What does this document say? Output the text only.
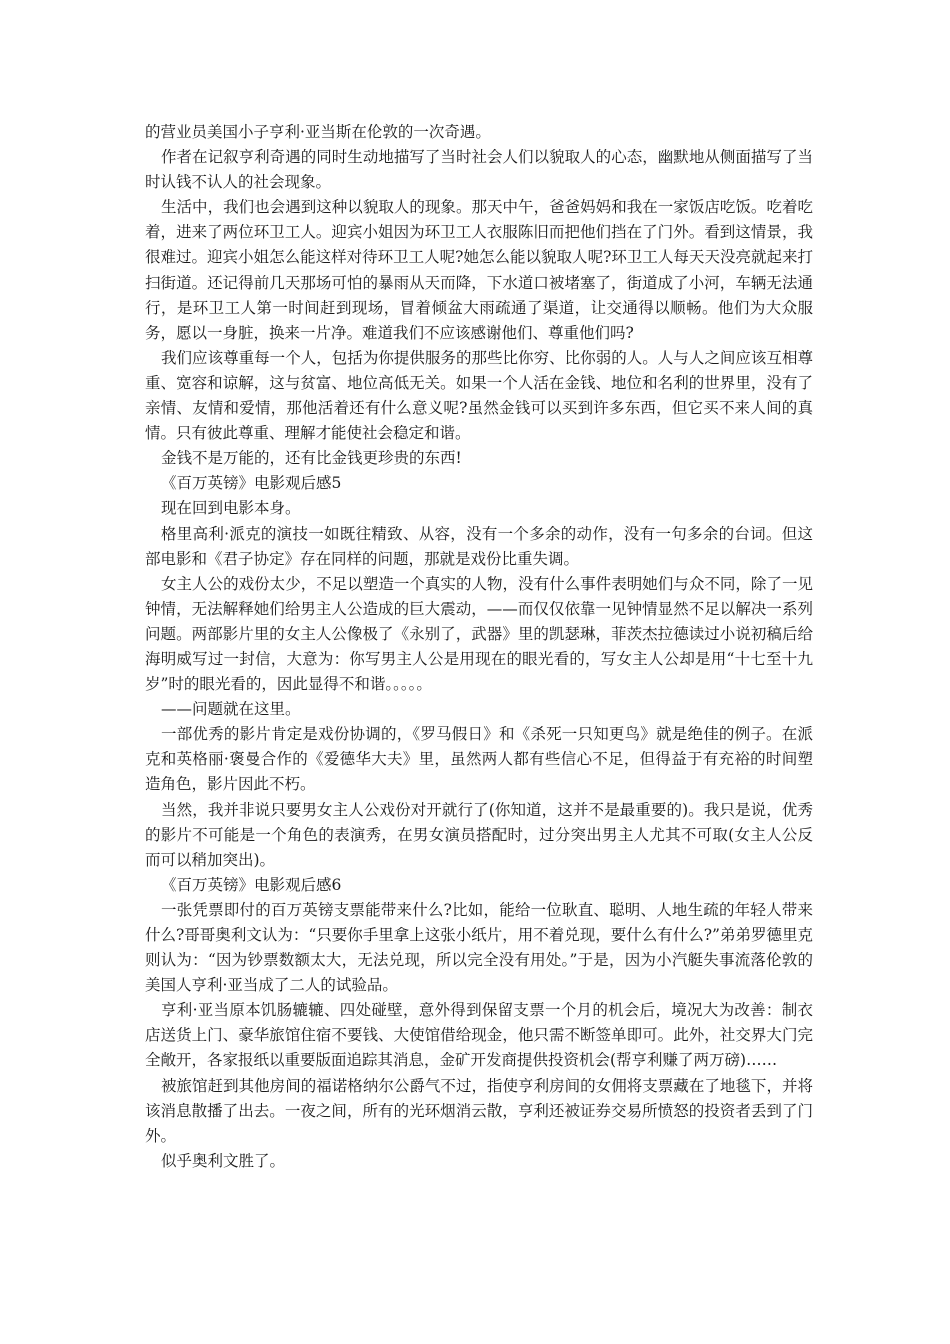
的营业员美国小子亨利·亚当斯在伦敦的一次奇遇。

作者在记叙亨利奇遇的同时生动地描写了当时社会人们以貌取人的心态，幽默地从侧面描写了当时认钱不认人的社会现象。

生活中，我们也会遇到这种以貌取人的现象。那天中午，爸爸妈妈和我在一家饭店吃饭。吃着吃着，进来了两位环卫工人。迎宾小姐因为环卫工人衣服陈旧而把他们挡在了门外。看到这情景，我很难过。迎宾小姐怎么能这样对待环卫工人呢?她怎么能以貌取人呢?环卫工人每天天没亮就起来打扫街道。还记得前几天那场可怕的暴雨从天而降，下水道口被堵塞了，街道成了小河，车辆无法通行，是环卫工人第一时间赶到现场，冒着倾盆大雨疏通了渠道，让交通得以顺畅。他们为大众服务，愿以一身脏，换来一片净。难道我们不应该感谢他们、尊重他们吗?

我们应该尊重每一个人，包括为你提供服务的那些比你穷、比你弱的人。人与人之间应该互相尊重、宽容和谅解，这与贫富、地位高低无关。如果一个人活在金钱、地位和名利的世界里，没有了亲情、友情和爱情，那他活着还有什么意义呢?虽然金钱可以买到许多东西，但它买不来人间的真情。只有彼此尊重、理解才能使社会稳定和谐。

金钱不是万能的，还有比金钱更珍贵的东西!

《百万英镑》电影观后感5

现在回到电影本身。

格里高利·派克的演技一如既往精致、从容，没有一个多余的动作，没有一句多余的台词。但这部电影和《君子协定》存在同样的问题，那就是戏份比重失调。

女主人公的戏份太少，不足以塑造一个真实的人物，没有什么事件表明她们与众不同，除了一见钟情，无法解释她们给男主人公造成的巨大震动，——而仅仅依靠一见钟情显然不足以解决一系列问题。两部影片里的女主人公像极了《永别了，武器》里的凯瑟琳，菲茨杰拉德读过小说初稿后给海明威写过一封信，大意为：你写男主人公是用现在的眼光看的，写女主人公却是用“十七至十九岁”时的眼光看的，因此显得不和谐。。。。。

——问题就在这里。

一部优秀的影片肯定是戏份协调的，《罗马假日》和《杀死一只知更鸟》就是绝佳的例子。在派克和英格丽·褒曼合作的《爱德华大夫》里，虽然两人都有些信心不足，但得益于有充裕的时间塑造角色，影片因此不朽。

当然，我并非说只要男女主人公戏份对开就行了(你知道，这并不是最重要的)。我只是说，优秀的影片不可能是一个角色的表演秀，在男女演员搭配时，过分突出男主人尤其不可取(女主人公反而可以稍加突出)。

《百万英镑》电影观后感6

一张凭票即付的百万英镑支票能带来什么?比如，能给一位耿直、聪明、人地生疏的年轻人带来什么?哥哥奥利文认为：“只要你手里拿上这张小纸片，用不着兑现，要什么有什么?”弟弟罗德里克则认为：“因为钞票数额太大，无法兑现，所以完全没有用处。”于是，因为小汽艇失事流落伦敦的美国人亨利·亚当成了二人的试验品。

亨利·亚当原本饥肠辘辘、四处碰壁，意外得到保留支票一个月的机会后，境况大为改善：制衣店送货上门、豪华旅馆住宿不要钱、大使馆借给现金，他只需不断签单即可。此外，社交界大门完全敞开，各家报纸以重要版面追踪其消息，金矿开发商提供投资机会(帮亨利赚了两万磅)……

被旅馆赶到其他房间的福诺格纳尔公爵气不过，指使亨利房间的女佣将支票藏在了地毯下，并将该消息散播了出去。一夜之间，所有的光环烟消云散，亨利还被证券交易所愤怒的投资者丢到了门外。

似乎奥利文胜了。
